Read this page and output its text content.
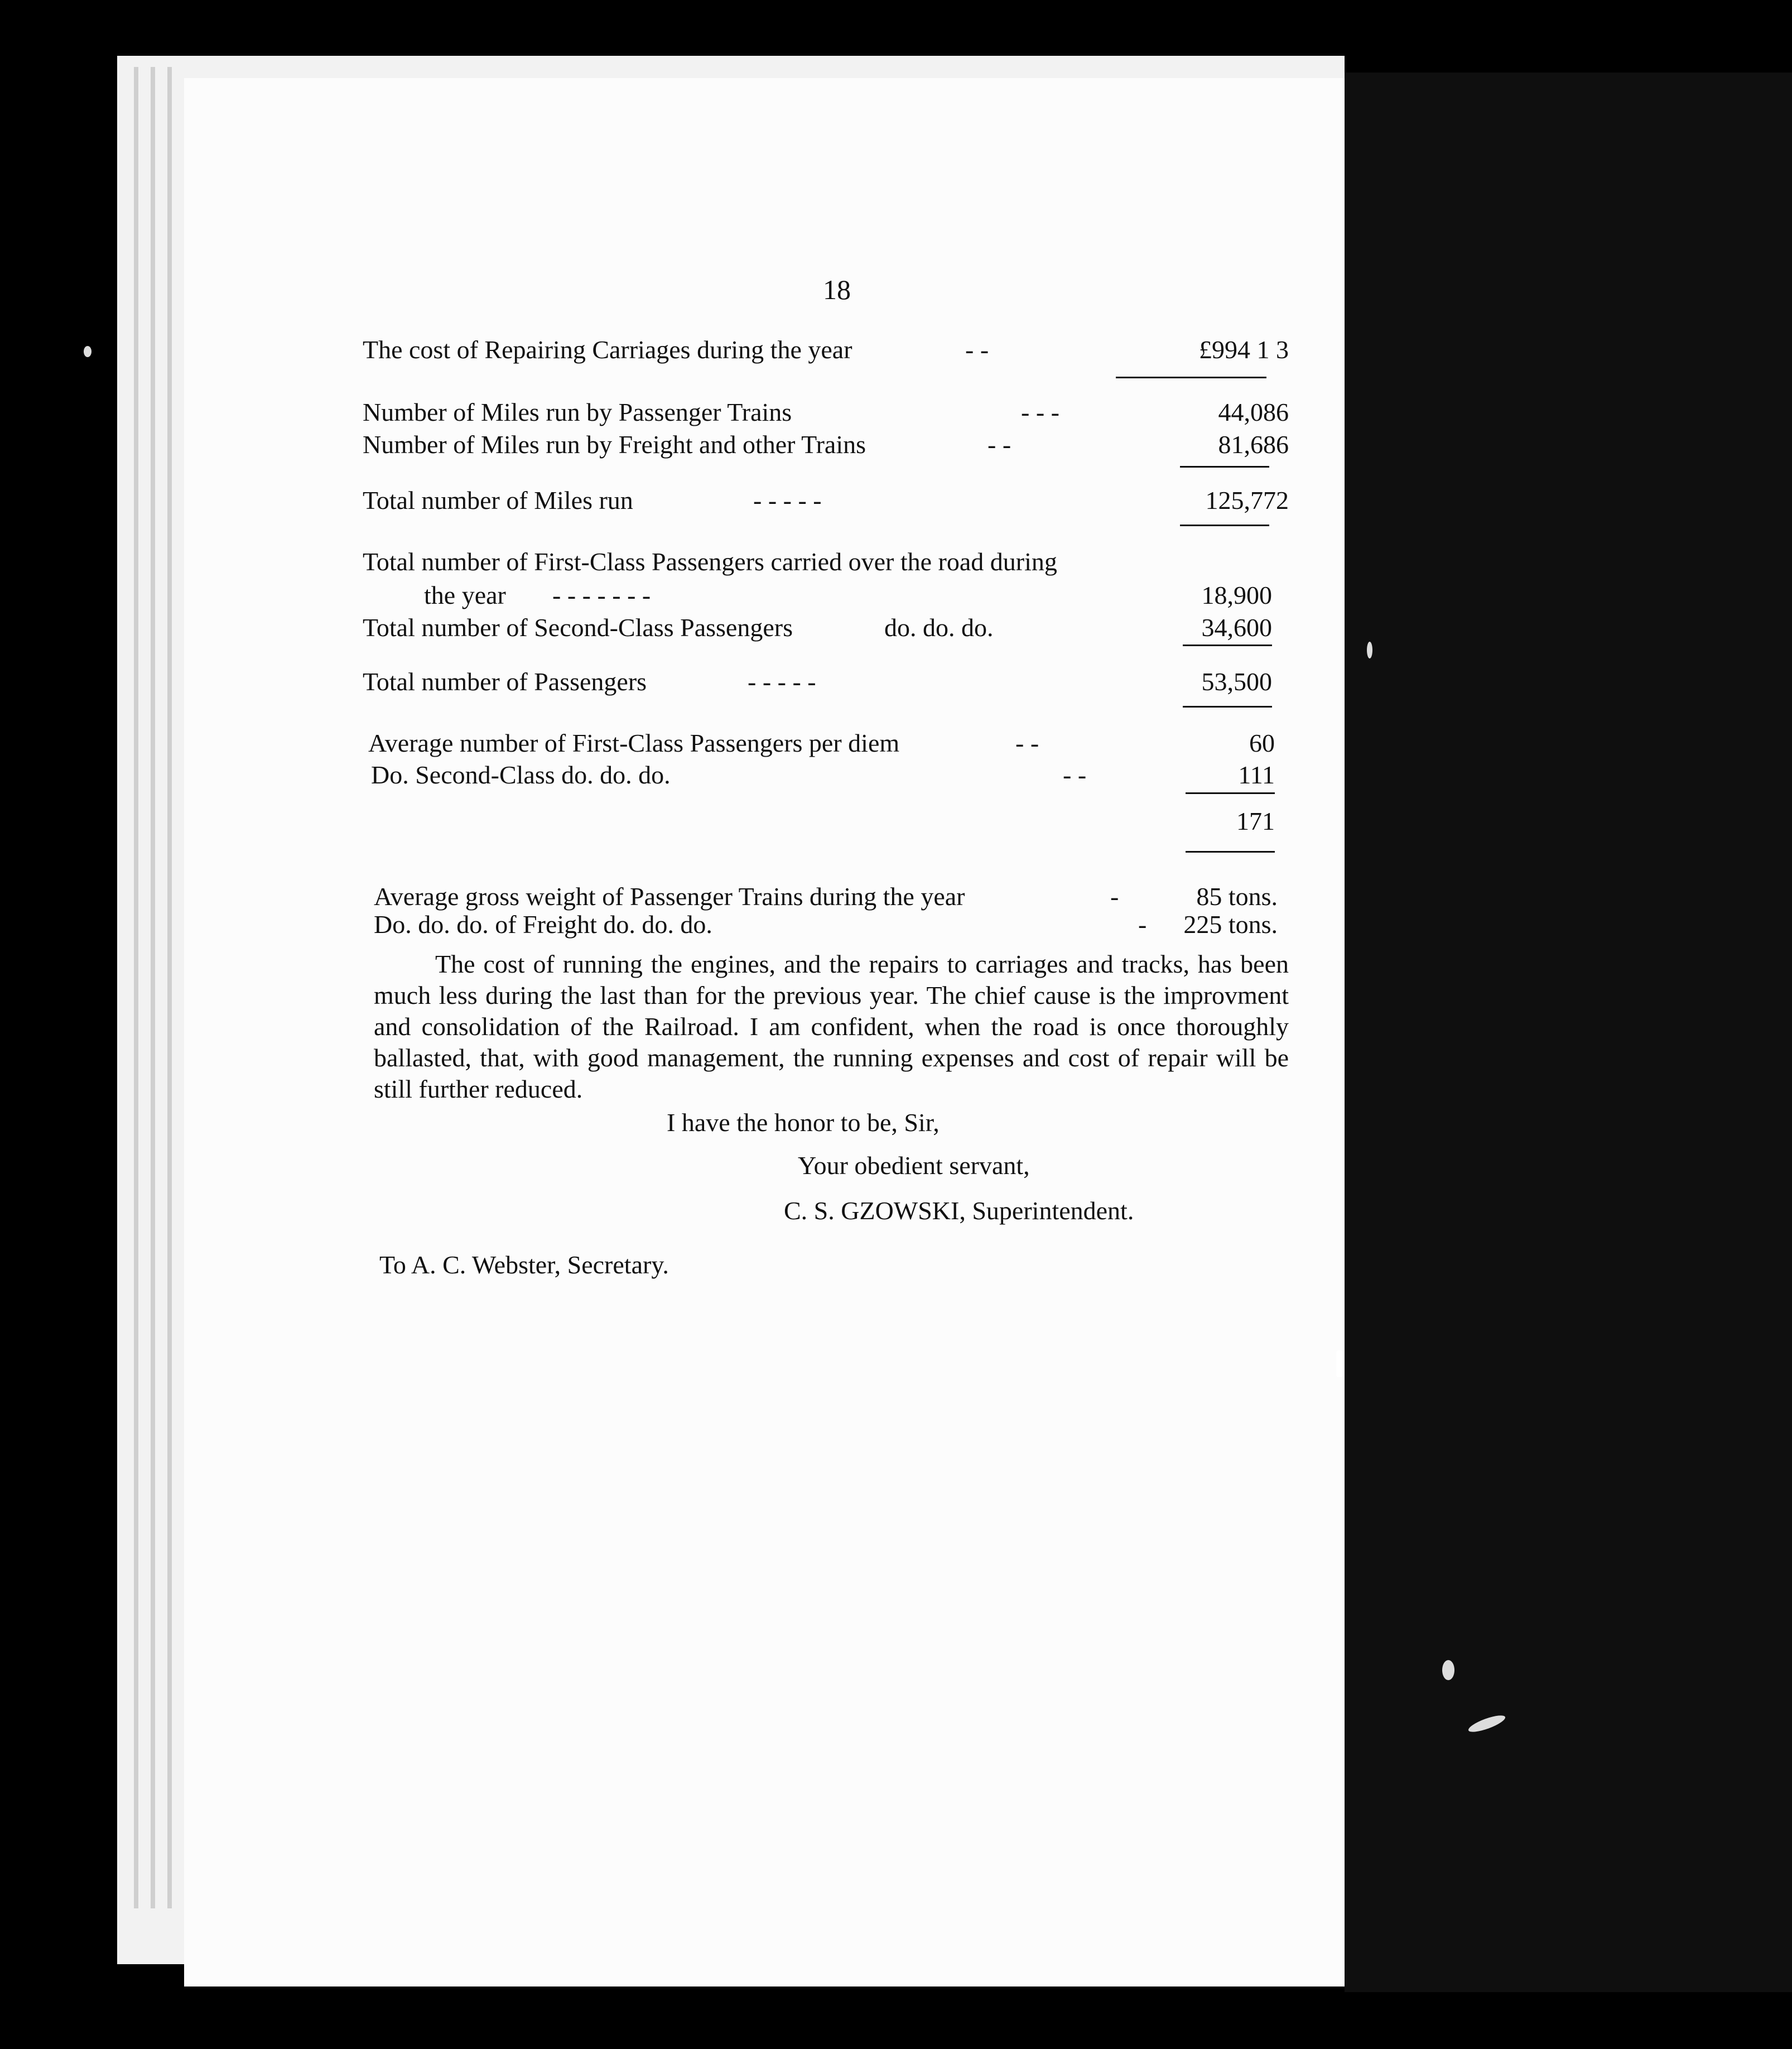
18
The cost of Repairing Carriages during the year	- -	£994 1 3
Number of Miles run by Passenger Trains	- - -	44,086
Number of Miles run by Freight and other Trains	- -	81,686
Total number of Miles run	- - - - -	125,772
Total number of First-Class Passengers carried over the road during
the year - - - - - - -	18,900
Total number of Second-Class Passengers	do. do. do.	34,600
Total number of Passengers	- - - - -	53,500
Average number of First-Class Passengers per diem	- -	60
Do. Second-Class do. do. do.	- -	111
171
Average gross weight of Passenger Trains during the year	-	85 tons.
Do. do. do. of Freight do. do. do.	- 225 tons.
The cost of running the engines, and the repairs to carriages and tracks, has been much less during the last than for the previous year. The chief cause is the improvment and consolidation of the Railroad. I am confident, when the road is once thoroughly ballasted, that, with good management, the running expenses and cost of repair will be still further reduced.
I have the honor to be, Sir,
Your obedient servant,
C. S. GZOWSKI, Superintendent.
To A. C. Webster, Secretary.
